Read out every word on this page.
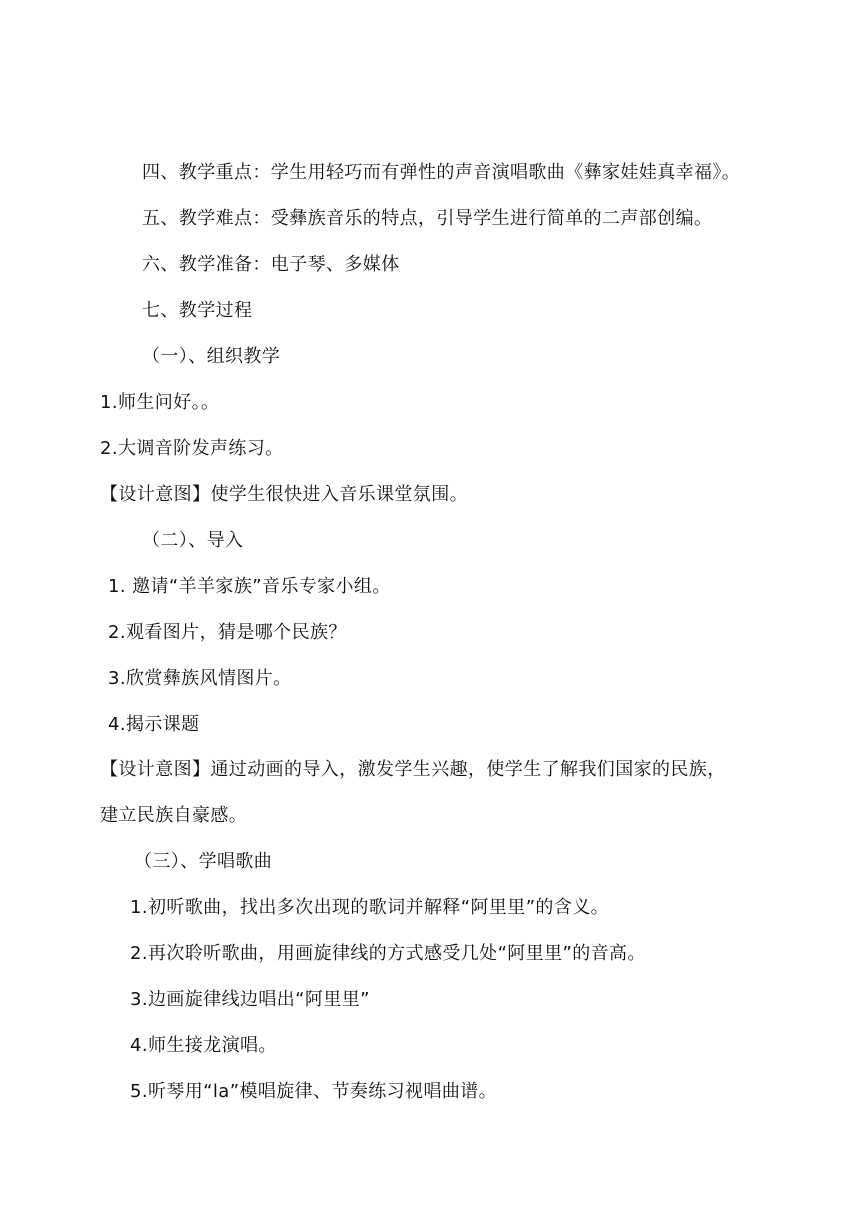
四、教学重点：学生用轻巧而有弹性的声音演唱歌曲《彝家娃娃真幸福》。
五、教学难点：受彝族音乐的特点，引导学生进行简单的二声部创编。
六、教学准备：电子琴、多媒体
七、教学过程
（一）、组织教学
1.师生问好。。
2.大调音阶发声练习。
【设计意图】使学生很快进入音乐课堂氛围。
（二）、导入
1. 邀请“羊羊家族”音乐专家小组。
2.观看图片，猜是哪个民族？
3.欣赏彝族风情图片。
4.揭示课题
【设计意图】通过动画的导入，激发学生兴趣，使学生了解我们国家的民族，
建立民族自豪感。
（三）、学唱歌曲
1.初听歌曲，找出多次出现的歌词并解释“阿里里”的含义。
2.再次聆听歌曲，用画旋律线的方式感受几处“阿里里”的音高。
3.边画旋律线边唱出“阿里里”
4.师生接龙演唱。
5.听琴用“la”模唱旋律、节奏练习视唱曲谱。
